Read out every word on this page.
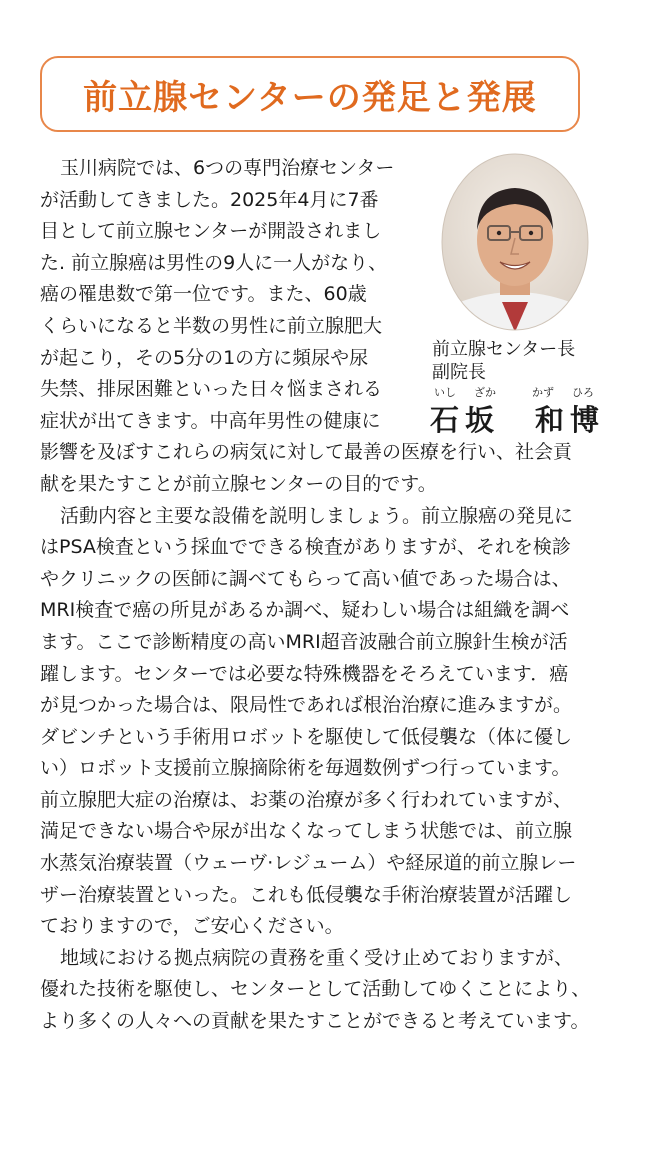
前立腺センターの発足と発展
前立腺センター長
副院長
いし ざか	かず ひろ
石坂　和博
玉川病院では、6つの専門治療センター
が活動してきました。2025年4月に7番
目として前立腺センターが開設されまし
た. 前立腺癌は男性の9人に一人がなり、
癌の罹患数で第一位です。また、60歳
くらいになると半数の男性に前立腺肥大
が起こり，その5分の1の方に頻尿や尿
失禁、排尿困難といった日々悩まされる
症状が出てきます。中高年男性の健康に
影響を及ぼすこれらの病気に対して最善の医療を行い、社会貢
献を果たすことが前立腺センターの目的です。
活動内容と主要な設備を説明しましょう。前立腺癌の発見に
はPSA検査という採血でできる検査がありますが、それを検診
やクリニックの医師に調べてもらって高い値であった場合は、
MRI検査で癌の所見があるか調べ、疑わしい場合は組織を調べ
ます。ここで診断精度の高いMRI超音波融合前立腺針生検が活
躍します。センターでは必要な特殊機器をそろえています．癌
が見つかった場合は、限局性であれば根治治療に進みますが。
ダビンチという手術用ロボットを駆使して低侵襲な（体に優し
い）ロボット支援前立腺摘除術を毎週数例ずつ行っています。
前立腺肥大症の治療は、お薬の治療が多く行われていますが、
満足できない場合や尿が出なくなってしまう状態では、前立腺
水蒸気治療装置（ウェーヴ·レジューム）や経尿道的前立腺レー
ザー治療装置といった。これも低侵襲な手術治療装置が活躍し
ておりますので，ご安心ください。
地域における拠点病院の責務を重く受け止めておりますが、
優れた技術を駆使し、センターとして活動してゆくことにより、
より多くの人々への貢献を果たすことができると考えています。
